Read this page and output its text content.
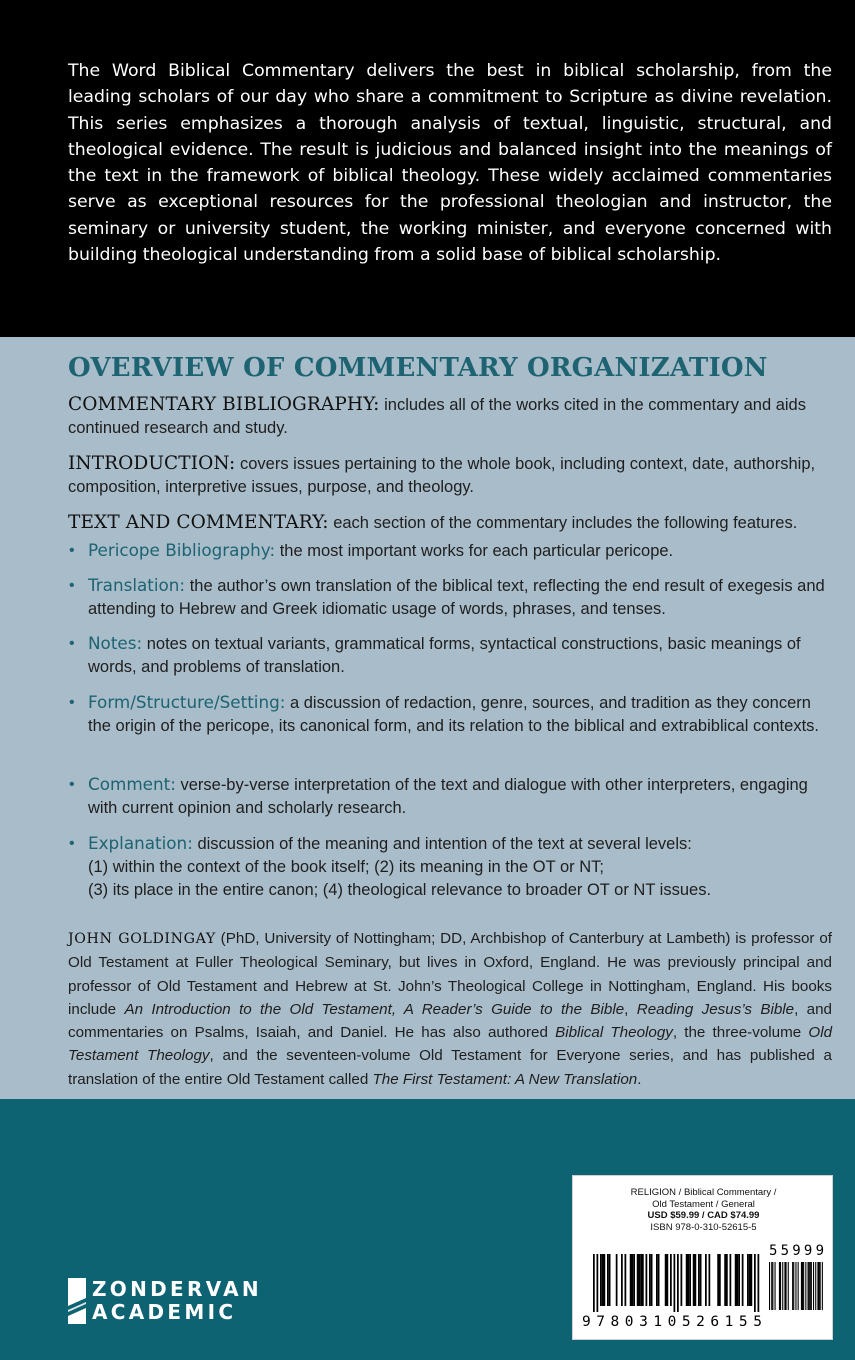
The Word Biblical Commentary delivers the best in biblical scholarship, from the leading scholars of our day who share a commitment to Scripture as divine revelation. This series emphasizes a thorough analysis of textual, linguistic, structural, and theological evidence. The result is judicious and balanced insight into the meanings of the text in the framework of biblical theology. These widely acclaimed commentaries serve as exceptional resources for the professional theologian and instructor, the seminary or university student, the working minister, and everyone concerned with building theological understanding from a solid base of biblical scholarship.

OVERVIEW OF COMMENTARY ORGANIZATION
COMMENTARY BIBLIOGRAPHY: includes all of the works cited in the commentary and aids continued research and study.
INTRODUCTION: covers issues pertaining to the whole book, including context, date, authorship, composition, interpretive issues, purpose, and theology.
TEXT AND COMMENTARY: each section of the commentary includes the following features.
• Pericope Bibliography: the most important works for each particular pericope.
• Translation: the author’s own translation of the biblical text, reflecting the end result of exegesis and attending to Hebrew and Greek idiomatic usage of words, phrases, and tenses.
• Notes: notes on textual variants, grammatical forms, syntactical constructions, basic meanings of words, and problems of translation.
• Form/Structure/Setting: a discussion of redaction, genre, sources, and tradition as they concern the origin of the pericope, its canonical form, and its relation to the biblical and extrabiblical contexts.
• Comment: verse-by-verse interpretation of the text and dialogue with other interpreters, engaging with current opinion and scholarly research.
• Explanation: discussion of the meaning and intention of the text at several levels:
(1) within the context of the book itself; (2) its meaning in the OT or NT;
(3) its place in the entire canon; (4) theological relevance to broader OT or NT issues.

JOHN GOLDINGAY (PhD, University of Nottingham; DD, Archbishop of Canterbury at Lambeth) is professor of Old Testament at Fuller Theological Seminary, but lives in Oxford, England. He was previously principal and professor of Old Testament and Hebrew at St. John’s Theological College in Nottingham, England. His books include An Introduction to the Old Testament, A Reader’s Guide to the Bible, Reading Jesus’s Bible, and commentaries on Psalms, Isaiah, and Daniel. He has also authored Biblical Theology, the three-volume Old Testament Theology, and the seventeen-volume Old Testament for Everyone series, and has published a translation of the entire Old Testament called The First Testament: A New Translation.

ZONDERVAN
ACADEMIC
RELIGION / Biblical Commentary /
Old Testament / General
USD $59.99 / CAD $74.99
ISBN 978-0-310-52615-5
9 7 8 0 3 1 0 5 2 6 1 5 5
5 5 9 9 9
